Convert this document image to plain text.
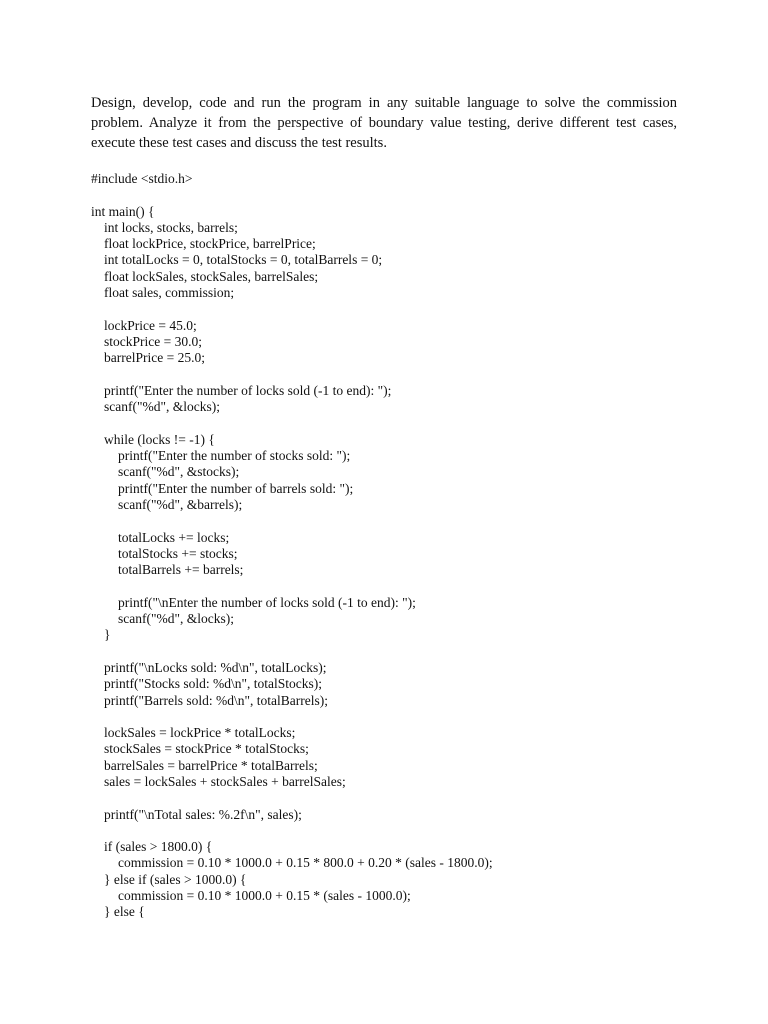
Design, develop, code and run the program in any suitable language to solve the commission problem. Analyze it from the perspective of boundary value testing, derive different test cases, execute these test cases and discuss the test results.

#include <stdio.h>
int main() {
int locks, stocks, barrels;
float lockPrice, stockPrice, barrelPrice;
int totalLocks = 0, totalStocks = 0, totalBarrels = 0;
float lockSales, stockSales, barrelSales;
float sales, commission;
lockPrice = 45.0;
stockPrice = 30.0;
barrelPrice = 25.0;
printf("Enter the number of locks sold (-1 to end): ");
scanf("%d", &locks);
while (locks != -1) {
printf("Enter the number of stocks sold: ");
scanf("%d", &stocks);
printf("Enter the number of barrels sold: ");
scanf("%d", &barrels);
totalLocks += locks;
totalStocks += stocks;
totalBarrels += barrels;
printf("\nEnter the number of locks sold (-1 to end): ");
scanf("%d", &locks);
}
printf("\nLocks sold: %d\n", totalLocks);
printf("Stocks sold: %d\n", totalStocks);
printf("Barrels sold: %d\n", totalBarrels);
lockSales = lockPrice * totalLocks;
stockSales = stockPrice * totalStocks;
barrelSales = barrelPrice * totalBarrels;
sales = lockSales + stockSales + barrelSales;
printf("\nTotal sales: %.2f\n", sales);
if (sales > 1800.0) {
commission = 0.10 * 1000.0 + 0.15 * 800.0 + 0.20 * (sales - 1800.0);
} else if (sales > 1000.0) {
commission = 0.10 * 1000.0 + 0.15 * (sales - 1000.0);
} else {
